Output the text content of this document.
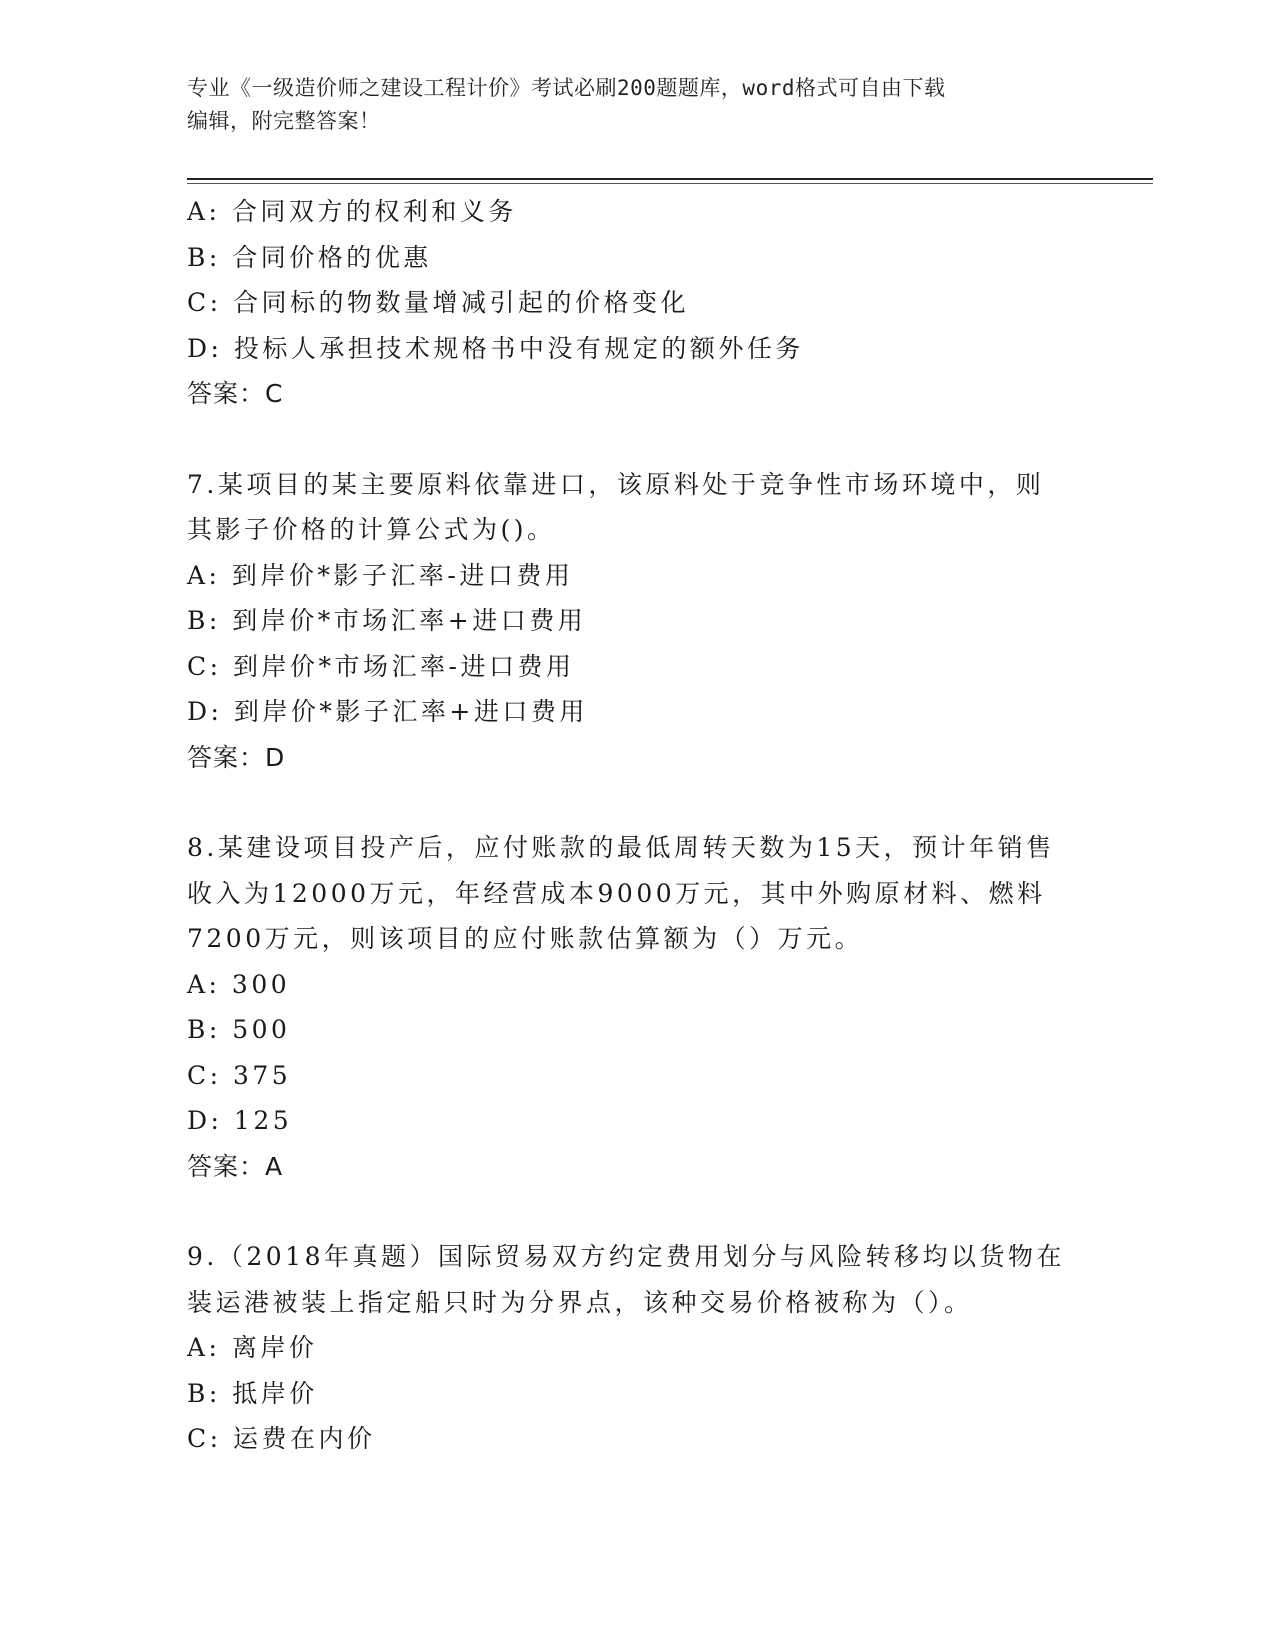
专业《一级造价师之建设工程计价》考试必刷200题题库，word格式可自由下载
编辑，附完整答案！
A: 合同双方的权利和义务
B: 合同价格的优惠
C: 合同标的物数量增减引起的价格变化
D: 投标人承担技术规格书中没有规定的额外任务
答案：C
7.某项目的某主要原料依靠进口，该原料处于竞争性市场环境中，则
其影子价格的计算公式为()。
A: 到岸价*影子汇率-进口费用
B: 到岸价*市场汇率+进口费用
C: 到岸价*市场汇率-进口费用
D: 到岸价*影子汇率+进口费用
答案：D
8.某建设项目投产后，应付账款的最低周转天数为15天，预计年销售
收入为12000万元，年经营成本9000万元，其中外购原材料、燃料
7200万元，则该项目的应付账款估算额为（）万元。
A: 300
B: 500
C: 375
D: 125
答案：A
9.（2018年真题）国际贸易双方约定费用划分与风险转移均以货物在
装运港被装上指定船只时为分界点，该种交易价格被称为（）。
A: 离岸价
B: 抵岸价
C: 运费在内价
